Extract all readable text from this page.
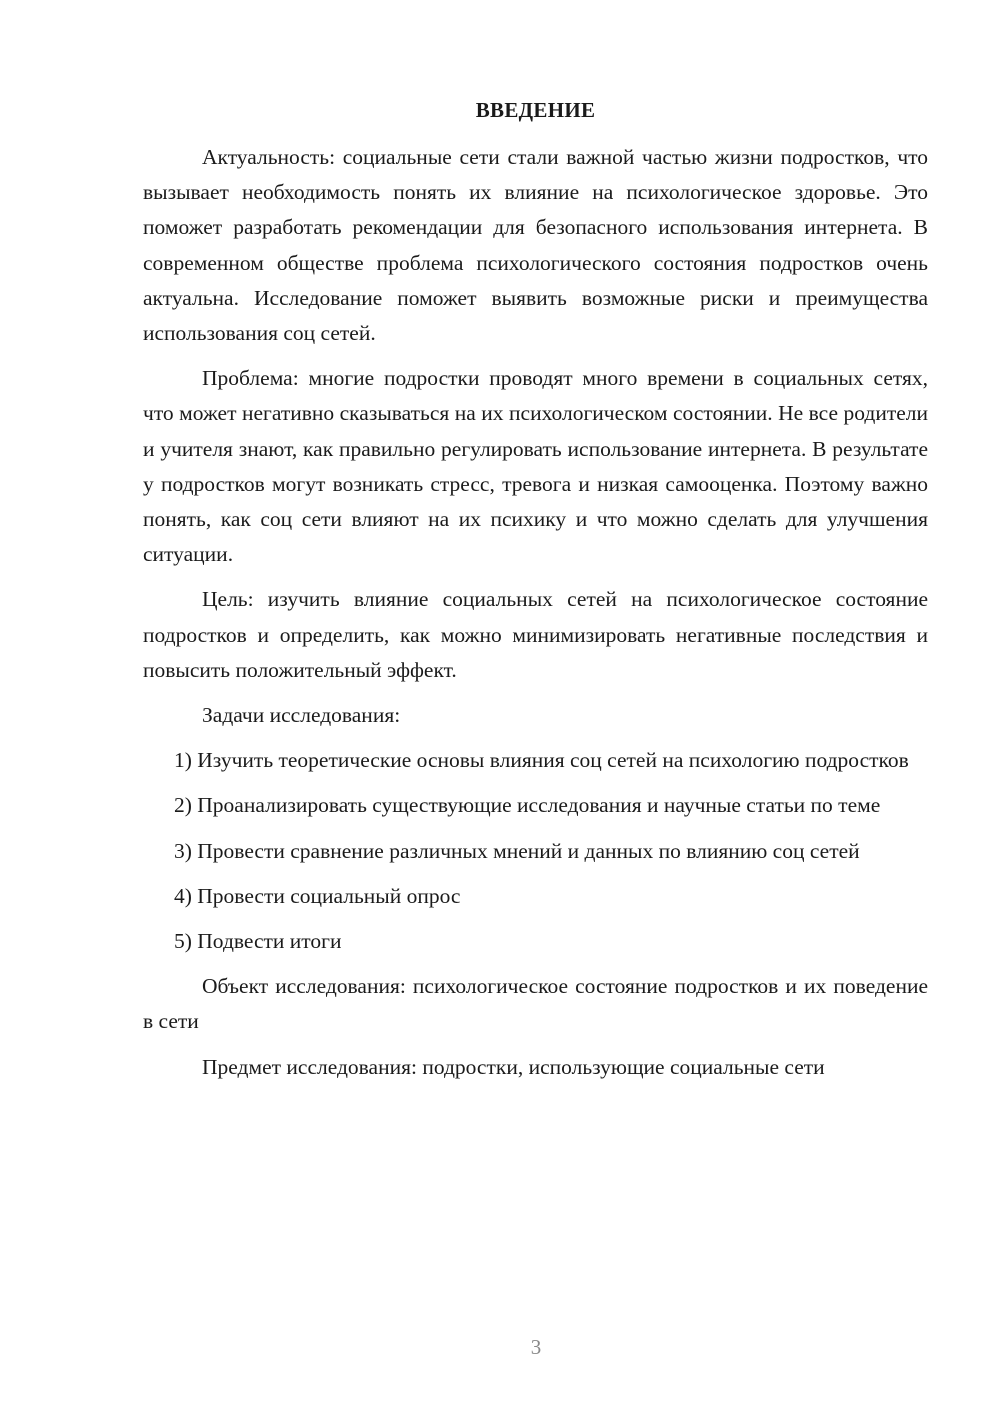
ВВЕДЕНИЕ

Актуальность: социальные сети стали важной частью жизни подростков, что вызывает необходимость понять их влияние на психологическое здоровье. Это поможет разработать рекомендации для безопасного использования интернета. В современном обществе проблема психологического состояния подростков очень актуальна. Исследование поможет выявить возможные риски и преимущества использования соц сетей.

Проблема: многие подростки проводят много времени в социальных сетях, что может негативно сказываться на их психологическом состоянии. Не все родители и учителя знают, как правильно регулировать использование интернета. В результате у подростков могут возникать стресс, тревога и низкая самооценка. Поэтому важно понять, как соц сети влияют на их психику и что можно сделать для улучшения ситуации.

Цель: изучить влияние социальных сетей на психологическое состояние подростков и определить, как можно минимизировать негативные последствия и повысить положительный эффект.

Задачи исследования:

1) Изучить теоретические основы влияния соц сетей на психологию подростков

2) Проанализировать существующие исследования и научные статьи по теме

3) Провести сравнение различных мнений и данных по влиянию соц сетей

4) Провести социальный опрос

5) Подвести итоги

Объект исследования: психологическое состояние подростков и их поведение в сети

Предмет исследования: подростки, использующие социальные сети

3
